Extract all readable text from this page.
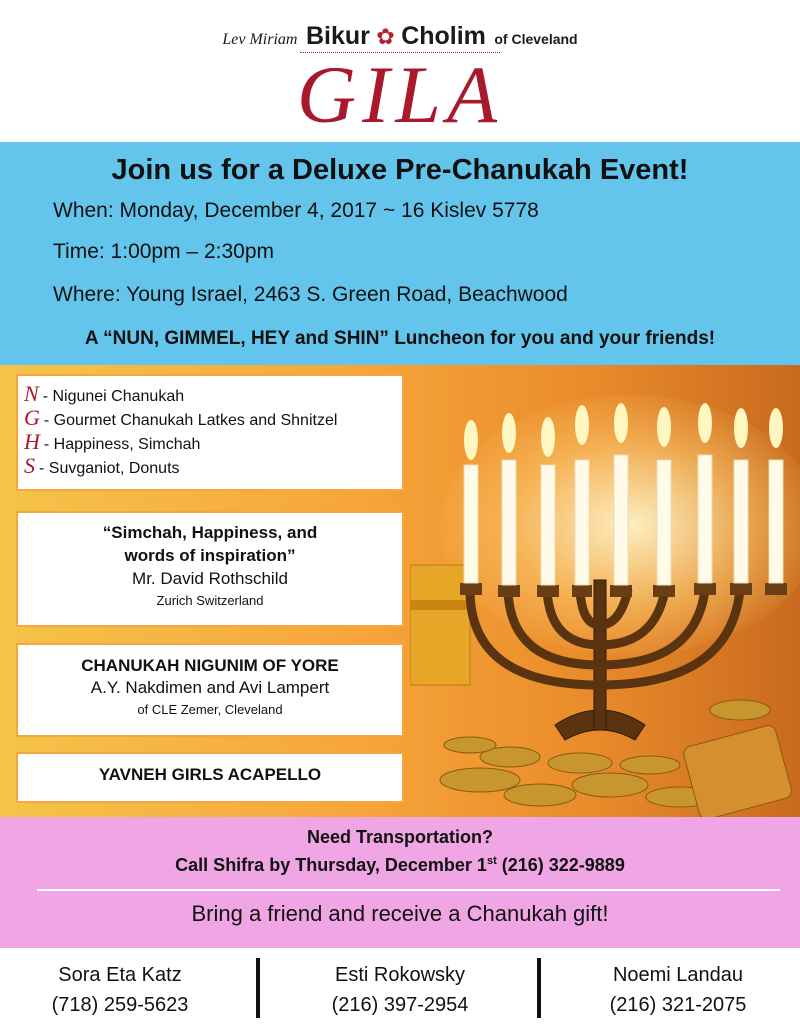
Lev Miriam Bikur ✿ Cholim of Cleveland
GILA
Join us for a Deluxe Pre-Chanukah Event!
When: Monday, December 4, 2017 ~ 16 Kislev 5778
Time: 1:00pm – 2:30pm
Where: Young Israel, 2463 S. Green Road, Beachwood
A “NUN, GIMMEL, HEY and SHIN” Luncheon for you and your friends!
N - Nigunei Chanukah
G - Gourmet Chanukah Latkes and Shnitzel
H - Happiness, Simchah
S - Suvganiot, Donuts
“Simchah, Happiness, and
words of inspiration”
Mr. David Rothschild
Zurich Switzerland
CHANUKAH NIGUNIM OF YORE
A.Y. Nakdimen and Avi Lampert
of CLE Zemer, Cleveland
YAVNEH GIRLS ACAPELLO
Need Transportation?
Call Shifra by Thursday, December 1st (216) 322-9889
Bring a friend and receive a Chanukah gift!
Sora Eta Katz
(718) 259-5623
Esti Rokowsky
(216) 397-2954
Noemi Landau
(216) 321-2075
